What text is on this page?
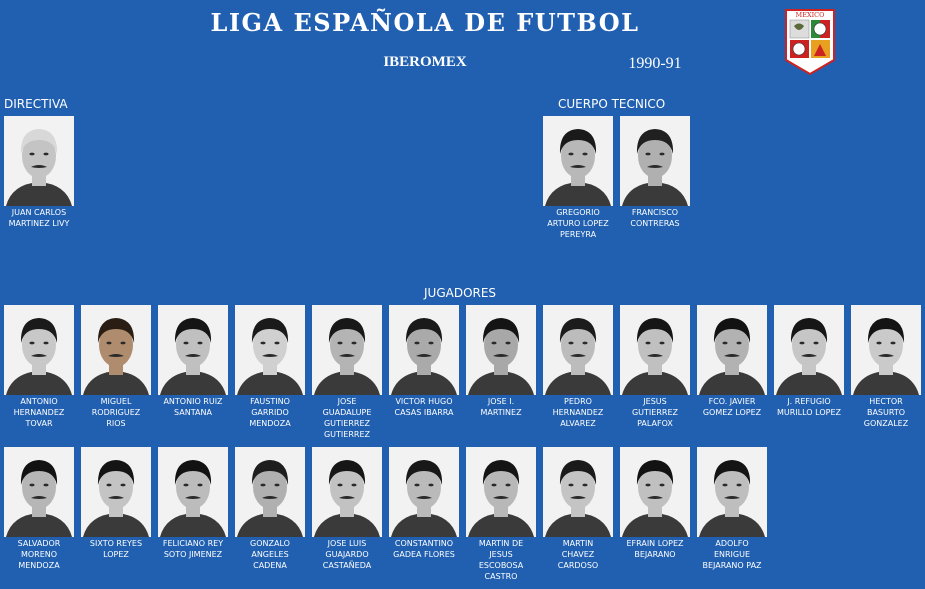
LIGA ESPAÑOLA DE FUTBOL
IBEROMEX	1990-91
MEXICO
DIRECTIVA	CUERPO TECNICO
JUGADORES
JUAN CARLOS
MARTINEZ LIVY
GREGORIO
ARTURO LOPEZ
PEREYRA
FRANCISCO
CONTRERAS
ANTONIO
HERNANDEZ
TOVAR
MIGUEL
RODRIGUEZ
RIOS
ANTONIO RUIZ
SANTANA
FAUSTINO
GARRIDO
MENDOZA
JOSE
GUADALUPE
GUTIERREZ
GUTIERREZ
VICTOR HUGO
CASAS IBARRA
JOSE I.
MARTINEZ
PEDRO
HERNANDEZ
ALVAREZ
JESUS
GUTIERREZ
PALAFOX
FCO. JAVIER
GOMEZ LOPEZ
J. REFUGIO
MURILLO LOPEZ
HECTOR
BASURTO
GONZALEZ
SALVADOR
MORENO
MENDOZA
SIXTO REYES
LOPEZ
FELICIANO REY
SOTO JIMENEZ
GONZALO
ANGELES
CADENA
JOSE LUIS
GUAJARDO
CASTAÑEDA
CONSTANTINO
GADEA FLORES
MARTIN DE
JESUS
ESCOBOSA
CASTRO
MARTIN
CHAVEZ
CARDOSO
EFRAIN LOPEZ
BEJARANO
ADOLFO
ENRIGUE
BEJARANO PAZ
